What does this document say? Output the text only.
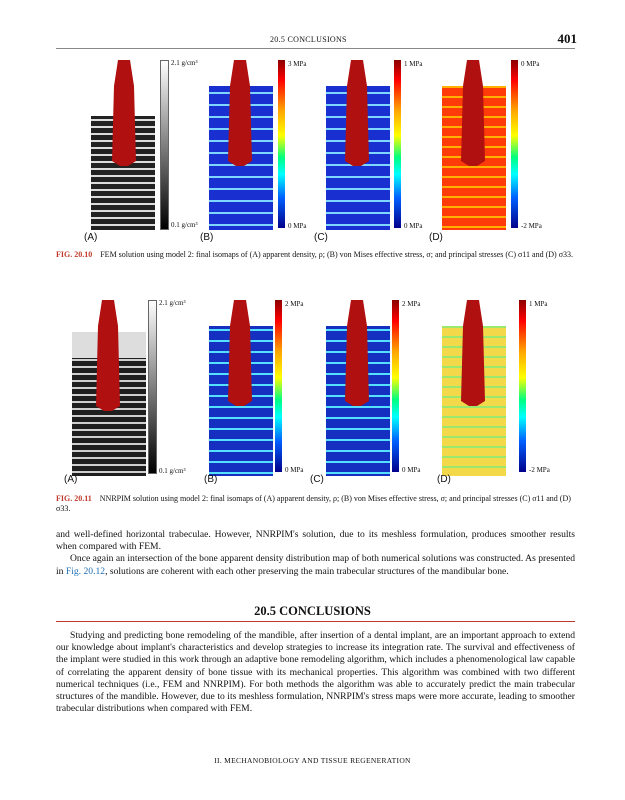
20.5 CONCLUSIONS	401
2.1 g/cm³
0.1 g/cm³
3 MPa
0 MPa
1 MPa
0 MPa
0 MPa
-2 MPa
(A)	(B)	(C)	(D)
FIG. 20.10 FEM solution using model 2: final isomaps of (A) apparent density, ρ; (B) von Mises effective stress, σ; and principal stresses (C) σ11 and (D) σ33.
2.1 g/cm³
0.1 g/cm³
2 MPa
0 MPa
2 MPa
0 MPa
1 MPa
-2 MPa
(A)	(B)	(C)	(D)
FIG. 20.11 NNRPIM solution using model 2: final isomaps of (A) apparent density, ρ; (B) von Mises effective stress, σ; and principal stresses (C) σ11 and (D) σ33.

and well-defined horizontal trabeculae. However, NNRPIM's solution, due to its meshless formulation, produces smoother results when compared with FEM.

Once again an intersection of the bone apparent density distribution map of both numerical solutions was constructed. As presented in Fig. 20.12, solutions are coherent with each other preserving the main trabecular structures of the mandibular bone.

20.5 CONCLUSIONS
Studying and predicting bone remodeling of the mandible, after insertion of a dental implant, are an important approach to extend our knowledge about implant's characteristics and develop strategies to increase its integration rate. The survival and effectiveness of the implant were studied in this work through an adaptive bone remodeling algorithm, which includes a phenomenological law capable of correlating the apparent density of bone tissue with its mechanical properties. This algorithm was combined with two different numerical techniques (i.e., FEM and NNRPIM). For both methods the algorithm was able to accurately predict the main trabecular structures of the mandible. However, due to its meshless formulation, NNRPIM's stress maps were more accurate, leading to smoother trabecular distributions when compared with FEM.
II. MECHANOBIOLOGY AND TISSUE REGENERATION
